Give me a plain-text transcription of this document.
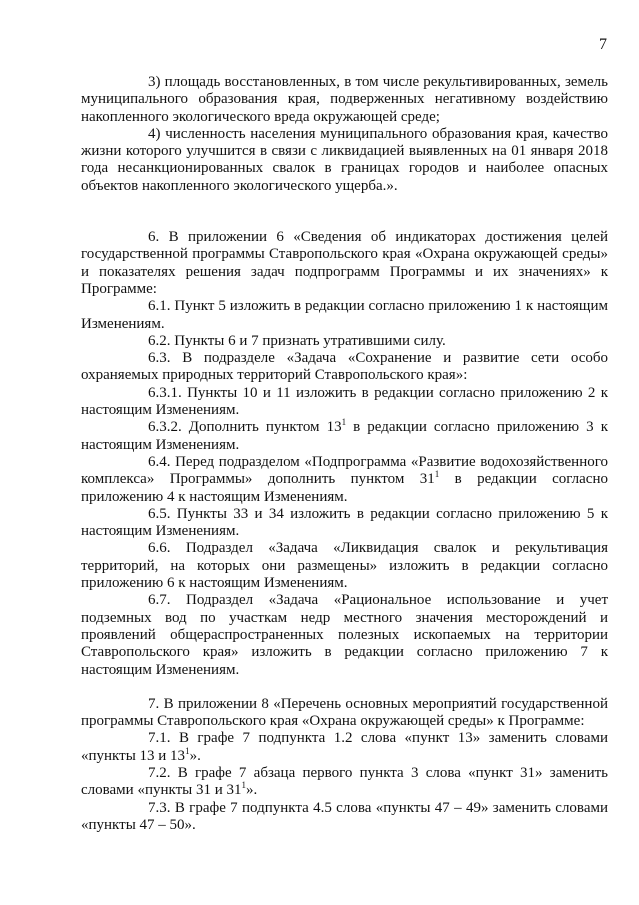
7

3) площадь восстановленных, в том числе рекультивированных, земель муниципального образования края, подверженных негативному воздействию накопленного экологического вреда окружающей среде;

4) численность населения муниципального образования края, качество жизни которого улучшится в связи с ликвидацией выявленных на 01 января 2018 года несанкционированных свалок в границах городов и наиболее опасных объектов накопленного экологического ущерба.».

6. В приложении 6 «Сведения об индикаторах достижения целей государственной программы Ставропольского края «Охрана окружающей среды» и показателях решения задач подпрограмм Программы и их значениях» к Программе:

6.1. Пункт 5 изложить в редакции согласно приложению 1 к настоящим Изменениям.

6.2. Пункты 6 и 7 признать утратившими силу.

6.3. В подразделе «Задача «Сохранение и развитие сети особо охраняемых природных территорий Ставропольского края»:

6.3.1. Пункты 10 и 11 изложить в редакции согласно приложению 2 к настоящим Изменениям.

6.3.2. Дополнить пунктом $13^1$ в редакции согласно приложению 3 к настоящим Изменениям.

6.4. Перед подразделом «Подпрограмма «Развитие водохозяйственного комплекса» Программы» дополнить пунктом $31^1$ в редакции согласно приложению 4 к настоящим Изменениям.

6.5. Пункты 33 и 34 изложить в редакции согласно приложению 5 к настоящим Изменениям.

6.6. Подраздел «Задача «Ликвидация свалок и рекультивация территорий, на которых они размещены» изложить в редакции согласно приложению 6 к настоящим Изменениям.

6.7. Подраздел «Задача «Рациональное использование и учет подземных вод по участкам недр местного значения месторождений и проявлений общераспространенных полезных ископаемых на территории Ставропольского края» изложить в редакции согласно приложению 7 к настоящим Изменениям.

7. В приложении 8 «Перечень основных мероприятий государственной программы Ставропольского края «Охрана окружающей среды» к Программе:

7.1. В графе 7 подпункта 1.2 слова «пункт 13» заменить словами «пункты 13 и $13^1$».

7.2. В графе 7 абзаца первого пункта 3 слова «пункт 31» заменить словами «пункты 31 и $31^1$».

7.3. В графе 7 подпункта 4.5 слова «пункты 47 – 49» заменить словами «пункты 47 – 50».
